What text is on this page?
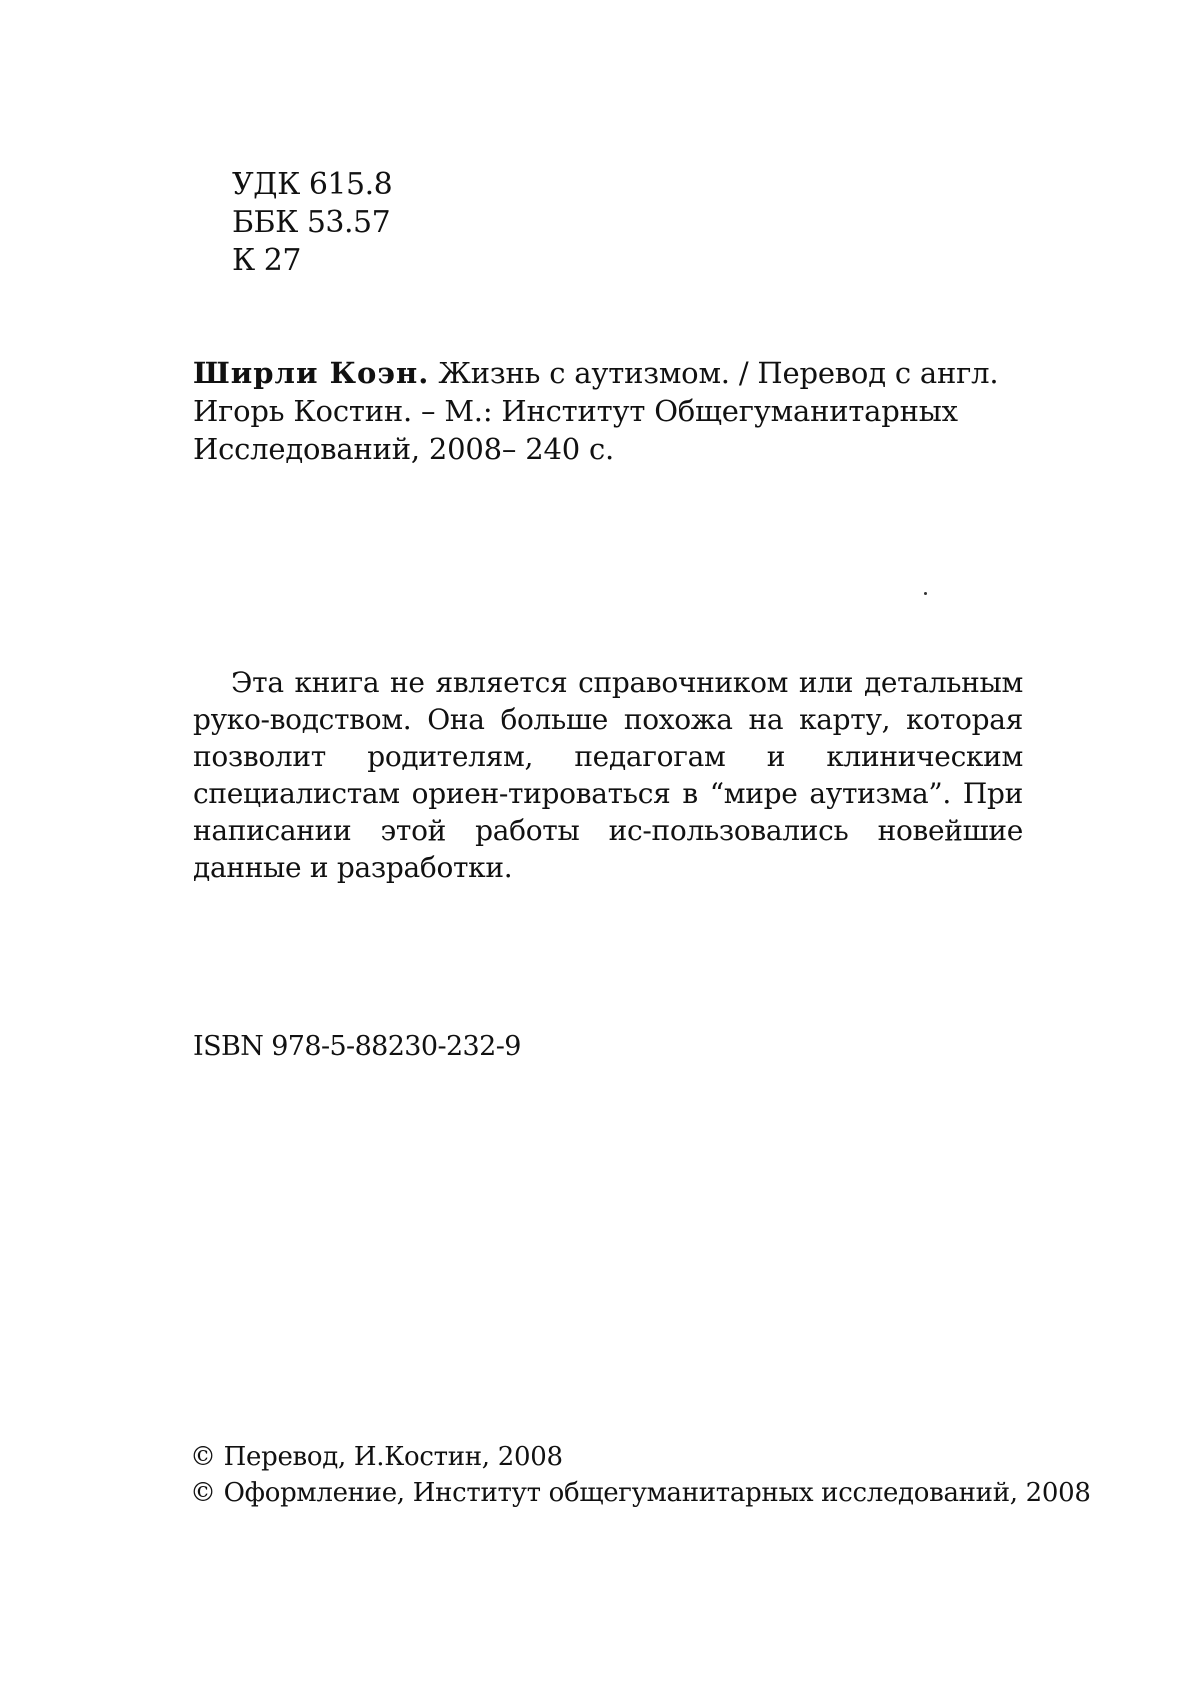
УДК 615.8
ББК 53.57
К 27
Ширли Коэн. Жизнь с аутизмом. / Перевод с англ.
Игорь Костин. – М.: Институт Общегуманитарных
Исследований, 2008– 240 с.

Эта книга не является справочником или детальным руко-водством. Она больше похожа на карту, которая позволит родителям, педагогам и клиническим специалистам ориен-тироваться в “мире аутизма”. При написании этой работы ис-пользовались новейшие данные и разработки.

ISBN 978-5-88230-232-9
© Перевод, И.Костин, 2008
© Оформление, Институт общегуманитарных исследований, 2008
